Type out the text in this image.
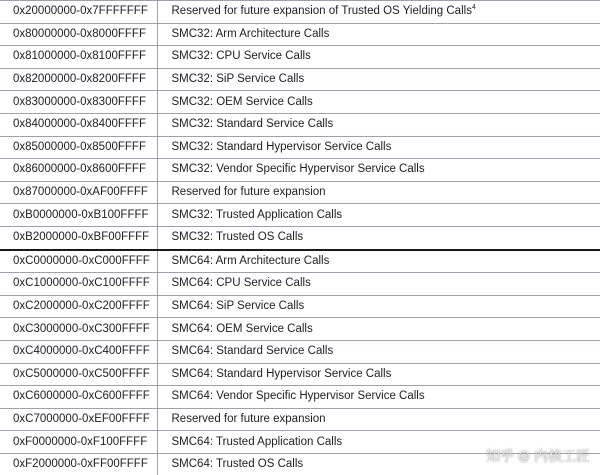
0x20000000-0x7FFFFFFF	Reserved for future expansion of Trusted OS Yielding Calls$^4$
0x80000000-0x8000FFFF	SMC32: Arm Architecture Calls
0x81000000-0x8100FFFF	SMC32: CPU Service Calls
0x82000000-0x8200FFFF	SMC32: SiP Service Calls
0x83000000-0x8300FFFF	SMC32: OEM Service Calls
0x84000000-0x8400FFFF	SMC32: Standard Service Calls
0x85000000-0x8500FFFF	SMC32: Standard Hypervisor Service Calls
0x86000000-0x8600FFFF	SMC32: Vendor Specific Hypervisor Service Calls
0x87000000-0xAF00FFFF	Reserved for future expansion
0xB0000000-0xB100FFFF	SMC32: Trusted Application Calls
0xB2000000-0xBF00FFFF	SMC32: Trusted OS Calls
0xC0000000-0xC000FFFF	SMC64: Arm Architecture Calls
0xC1000000-0xC100FFFF	SMC64: CPU Service Calls
0xC2000000-0xC200FFFF	SMC64: SiP Service Calls
0xC3000000-0xC300FFFF	SMC64: OEM Service Calls
0xC4000000-0xC400FFFF	SMC64: Standard Service Calls
0xC5000000-0xC500FFFF	SMC64: Standard Hypervisor Service Calls
0xC6000000-0xC600FFFF	SMC64: Vendor Specific Hypervisor Service Calls
0xC7000000-0xEF00FFFF	Reserved for future expansion
0xF0000000-0xF100FFFF	SMC64: Trusted Application Calls
0xF2000000-0xFF00FFFF	SMC64: Trusted OS Calls	知乎 @ 内核工匠
